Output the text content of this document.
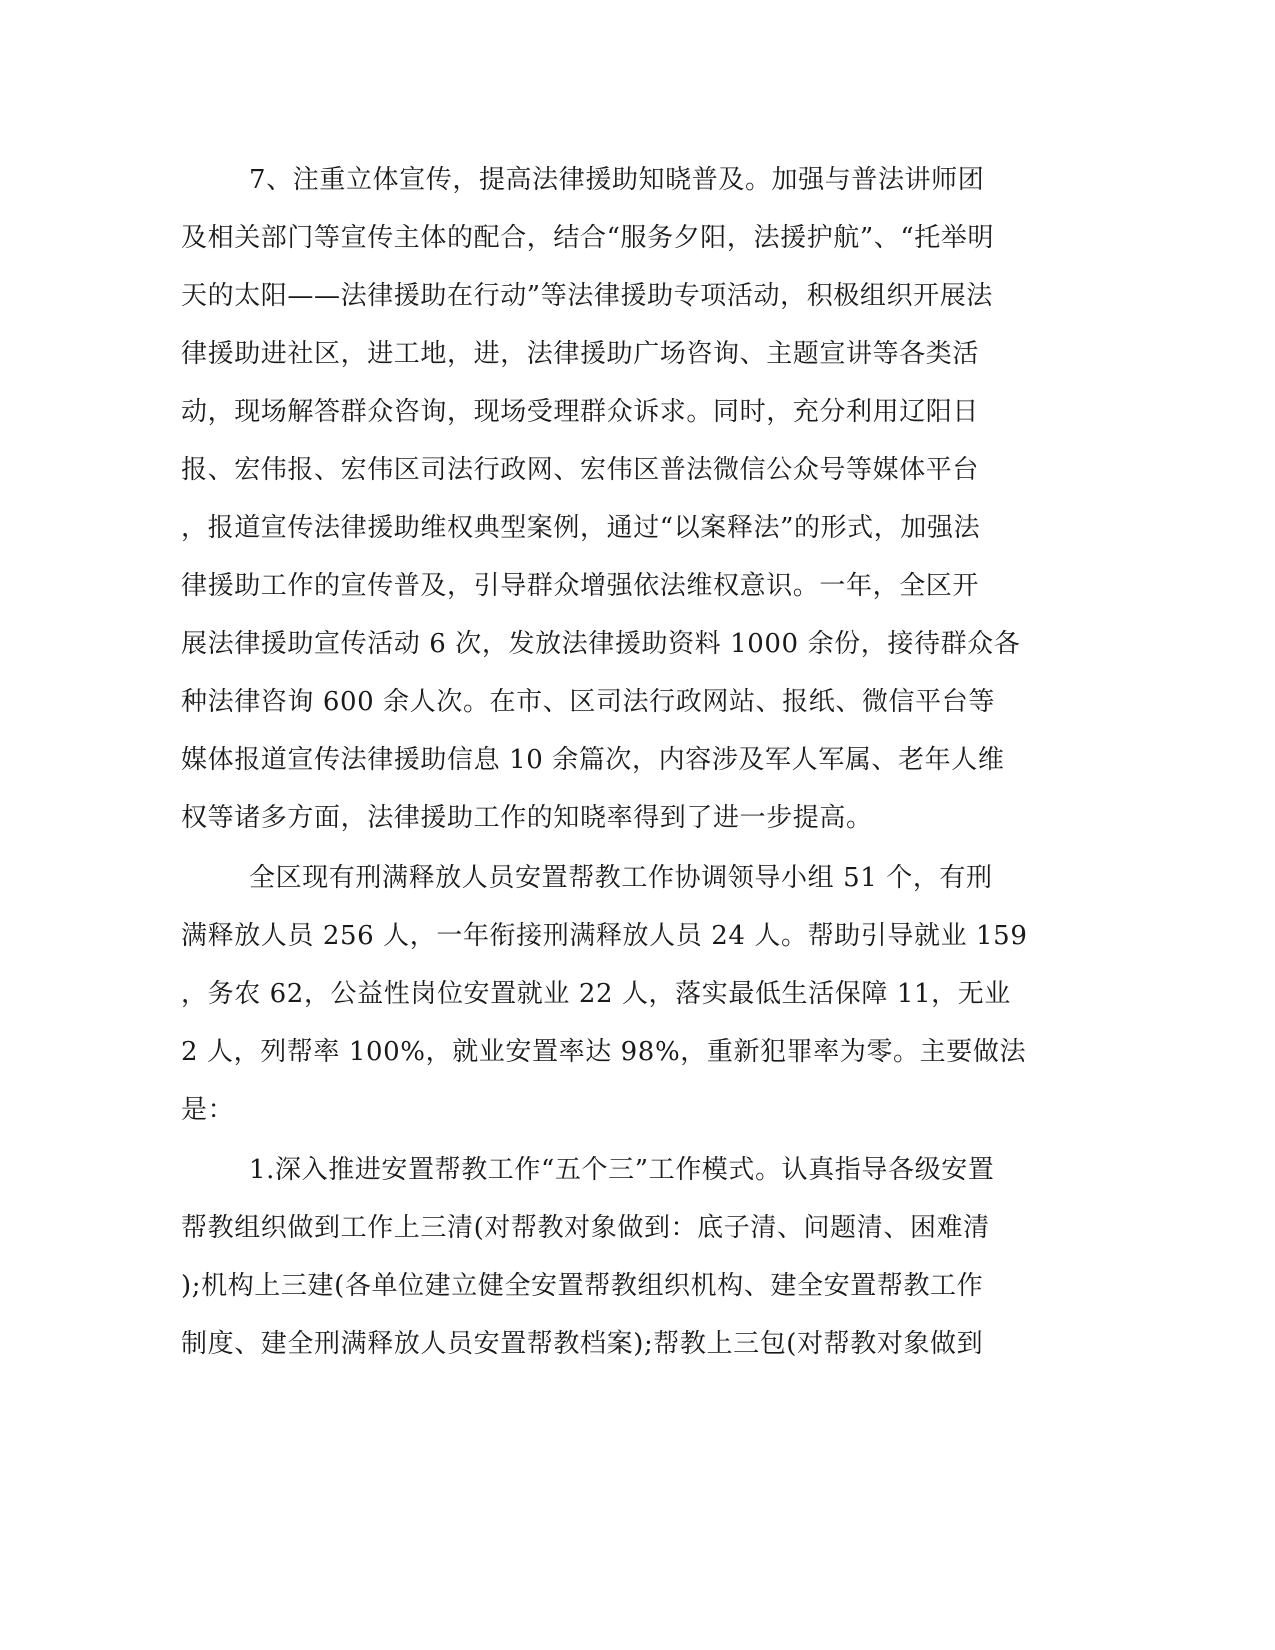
7、注重立体宣传，提高法律援助知晓普及。加强与普法讲师团
及相关部门等宣传主体的配合，结合“服务夕阳，法援护航”、“托举明
天的太阳——法律援助在行动”等法律援助专项活动，积极组织开展法
律援助进社区，进工地，进，法律援助广场咨询、主题宣讲等各类活
动，现场解答群众咨询，现场受理群众诉求。同时，充分利用辽阳日
报、宏伟报、宏伟区司法行政网、宏伟区普法微信公众号等媒体平台
，报道宣传法律援助维权典型案例，通过“以案释法”的形式，加强法
律援助工作的宣传普及，引导群众增强依法维权意识。一年，全区开
展法律援助宣传活动 6 次，发放法律援助资料 1000 余份，接待群众各
种法律咨询 600 余人次。在市、区司法行政网站、报纸、微信平台等
媒体报道宣传法律援助信息 10 余篇次，内容涉及军人军属、老年人维
权等诸多方面，法律援助工作的知晓率得到了进一步提高。
全区现有刑满释放人员安置帮教工作协调领导小组 51 个，有刑
满释放人员 256 人，一年衔接刑满释放人员 24 人。帮助引导就业 159
，务农 62，公益性岗位安置就业 22 人，落实最低生活保障 11，无业
2 人，列帮率 100%，就业安置率达 98%，重新犯罪率为零。主要做法
是：
1.深入推进安置帮教工作“五个三”工作模式。认真指导各级安置
帮教组织做到工作上三清(对帮教对象做到：底子清、问题清、困难清
);机构上三建(各单位建立健全安置帮教组织机构、建全安置帮教工作
制度、建全刑满释放人员安置帮教档案);帮教上三包(对帮教对象做到
